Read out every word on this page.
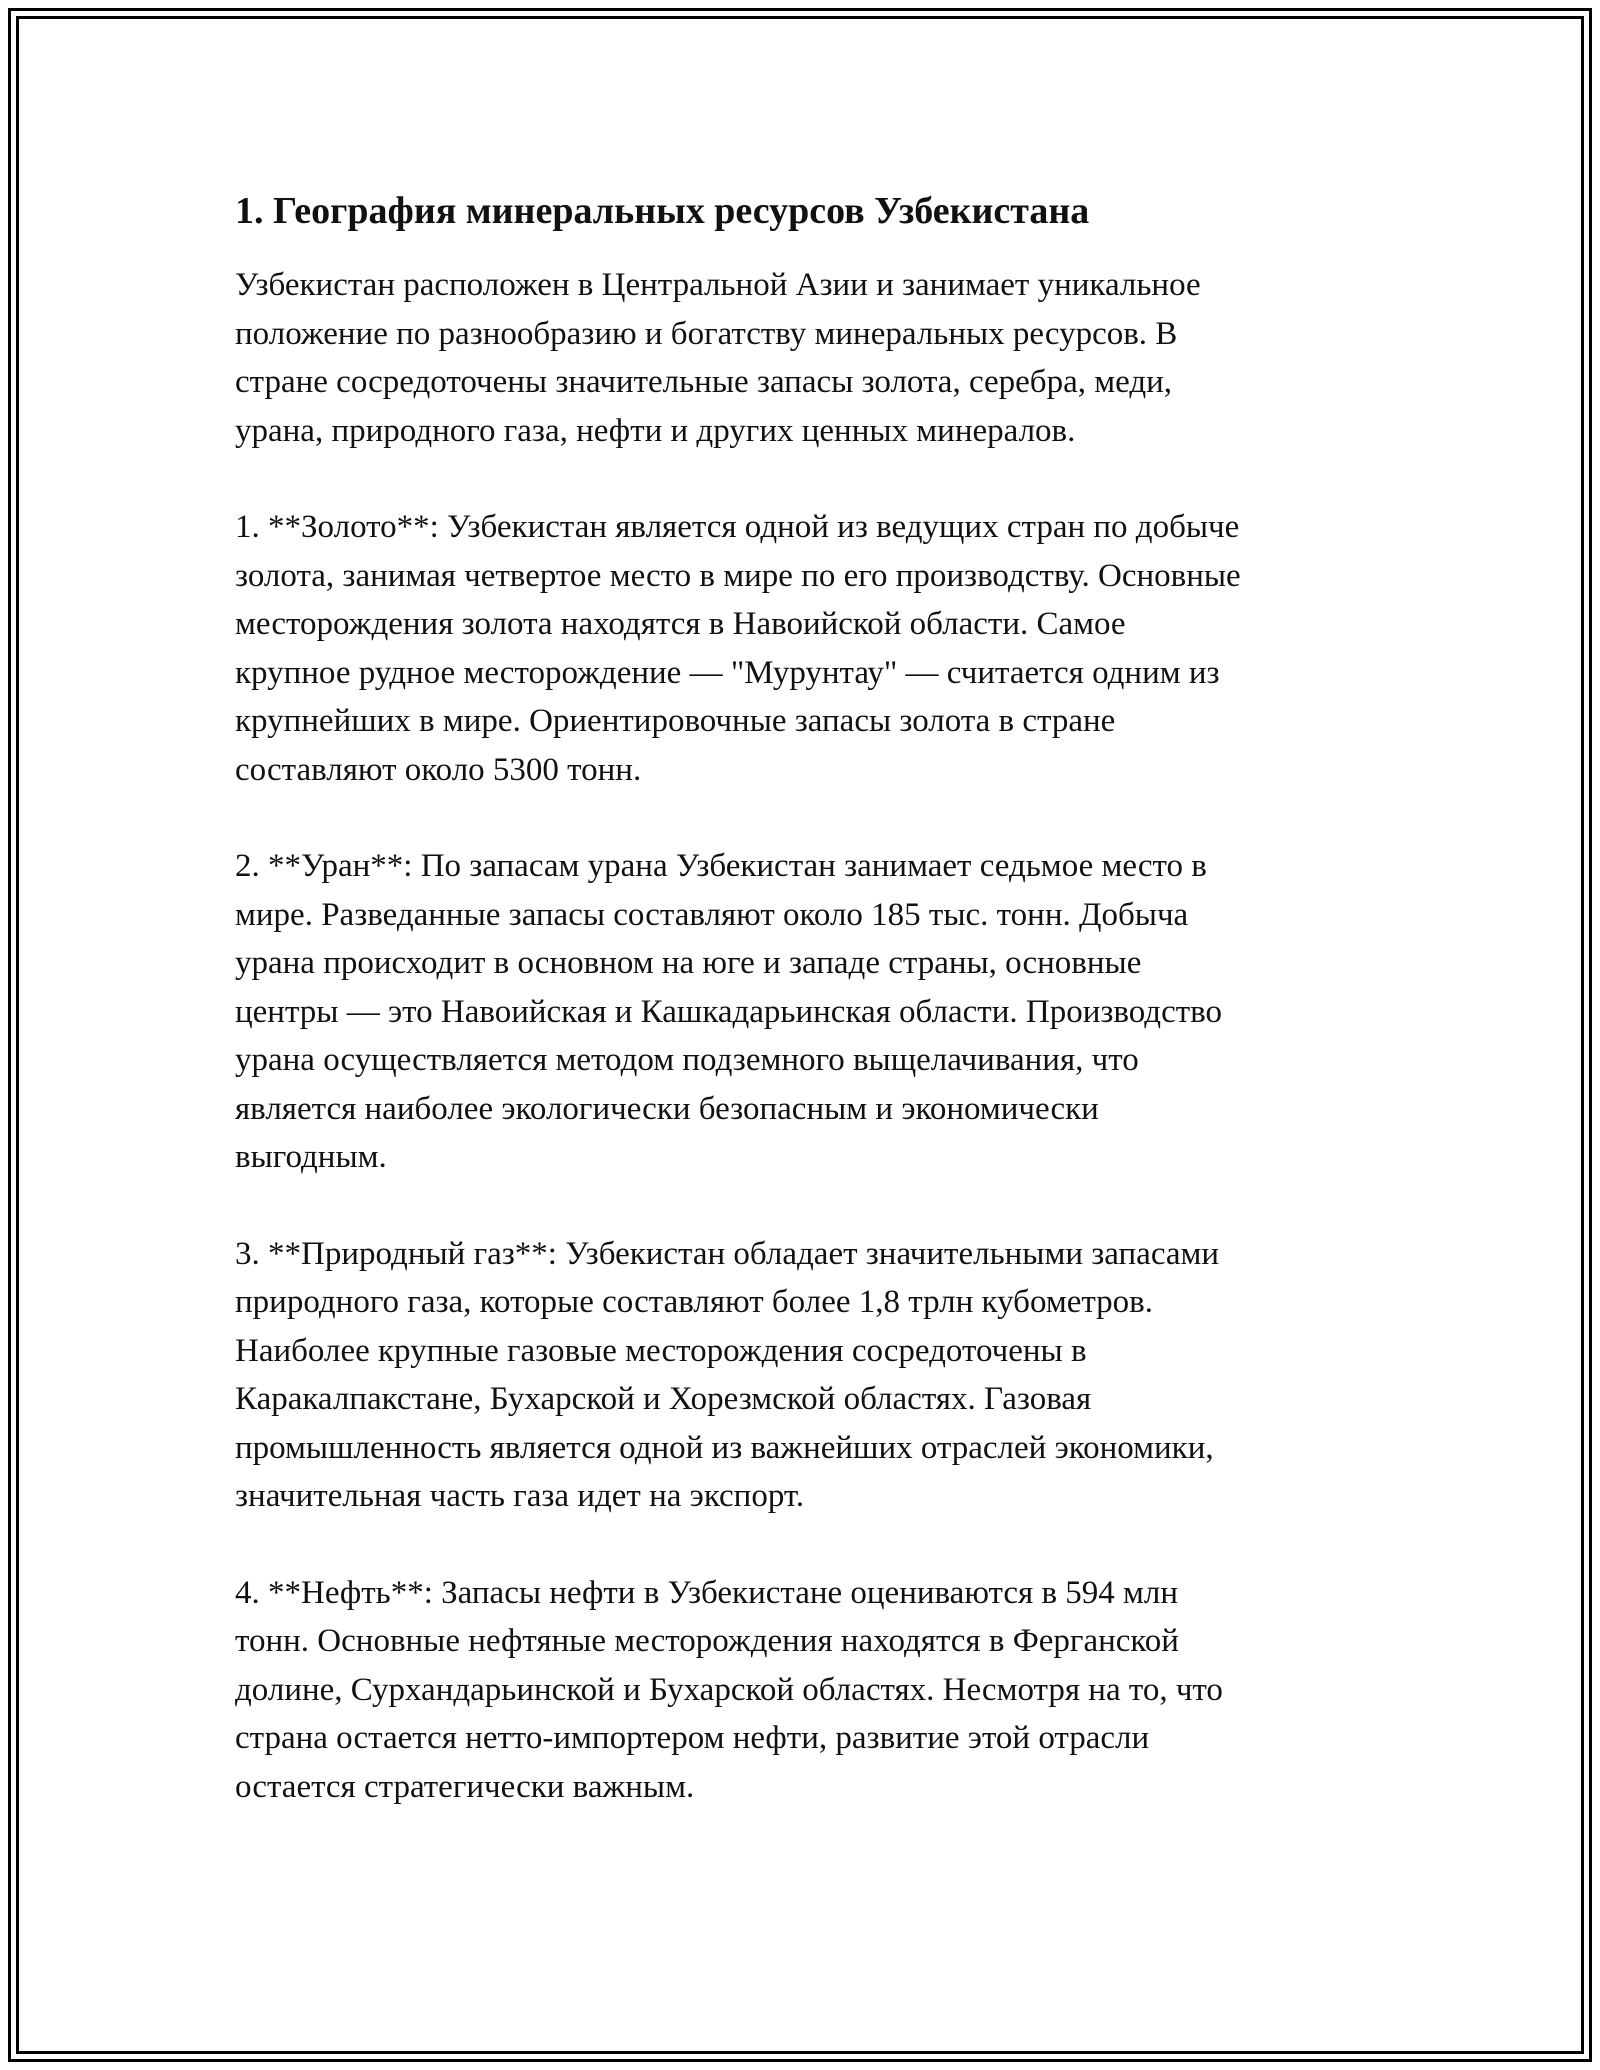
1. География минеральных ресурсов Узбекистана

Узбекистан расположен в Центральной Азии и занимает уникальное
положение по разнообразию и богатству минеральных ресурсов. В
стране сосредоточены значительные запасы золота, серебра, меди,
урана, природного газа, нефти и других ценных минералов.

1. **Золото**: Узбекистан является одной из ведущих стран по добыче
золота, занимая четвертое место в мире по его производству. Основные
месторождения золота находятся в Навоийской области. Самое
крупное рудное месторождение — "Мурунтау" — считается одним из
крупнейших в мире. Ориентировочные запасы золота в стране
составляют около 5300 тонн.

2. **Уран**: По запасам урана Узбекистан занимает седьмое место в
мире. Разведанные запасы составляют около 185 тыс. тонн. Добыча
урана происходит в основном на юге и западе страны, основные
центры — это Навоийская и Кашкадарьинская области. Производство
урана осуществляется методом подземного выщелачивания, что
является наиболее экологически безопасным и экономически
выгодным.

3. **Природный газ**: Узбекистан обладает значительными запасами
природного газа, которые составляют более 1,8 трлн кубометров.
Наиболее крупные газовые месторождения сосредоточены в
Каракалпакстане, Бухарской и Хорезмской областях. Газовая
промышленность является одной из важнейших отраслей экономики,
значительная часть газа идет на экспорт.

4. **Нефть**: Запасы нефти в Узбекистане оцениваются в 594 млн
тонн. Основные нефтяные месторождения находятся в Ферганской
долине, Сурхандарьинской и Бухарской областях. Несмотря на то, что
страна остается нетто-импортером нефти, развитие этой отрасли
остается стратегически важным.
